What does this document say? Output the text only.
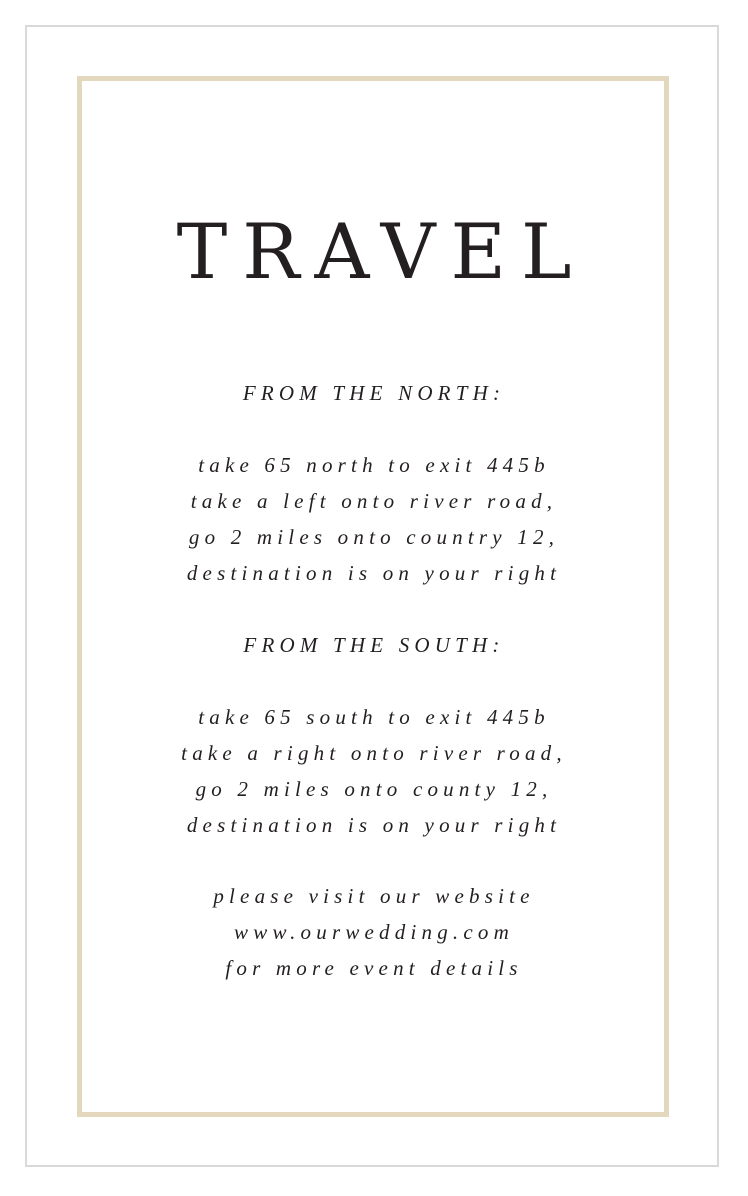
TRAVEL
FROM THE NORTH:
take 65 north to exit 445b
take a left onto river road,
go 2 miles onto country 12,
destination is on your right
FROM THE SOUTH:
take 65 south to exit 445b
take a right onto river road,
go 2 miles onto county 12,
destination is on your right
please visit our website
www.ourwedding.com
for more event details
